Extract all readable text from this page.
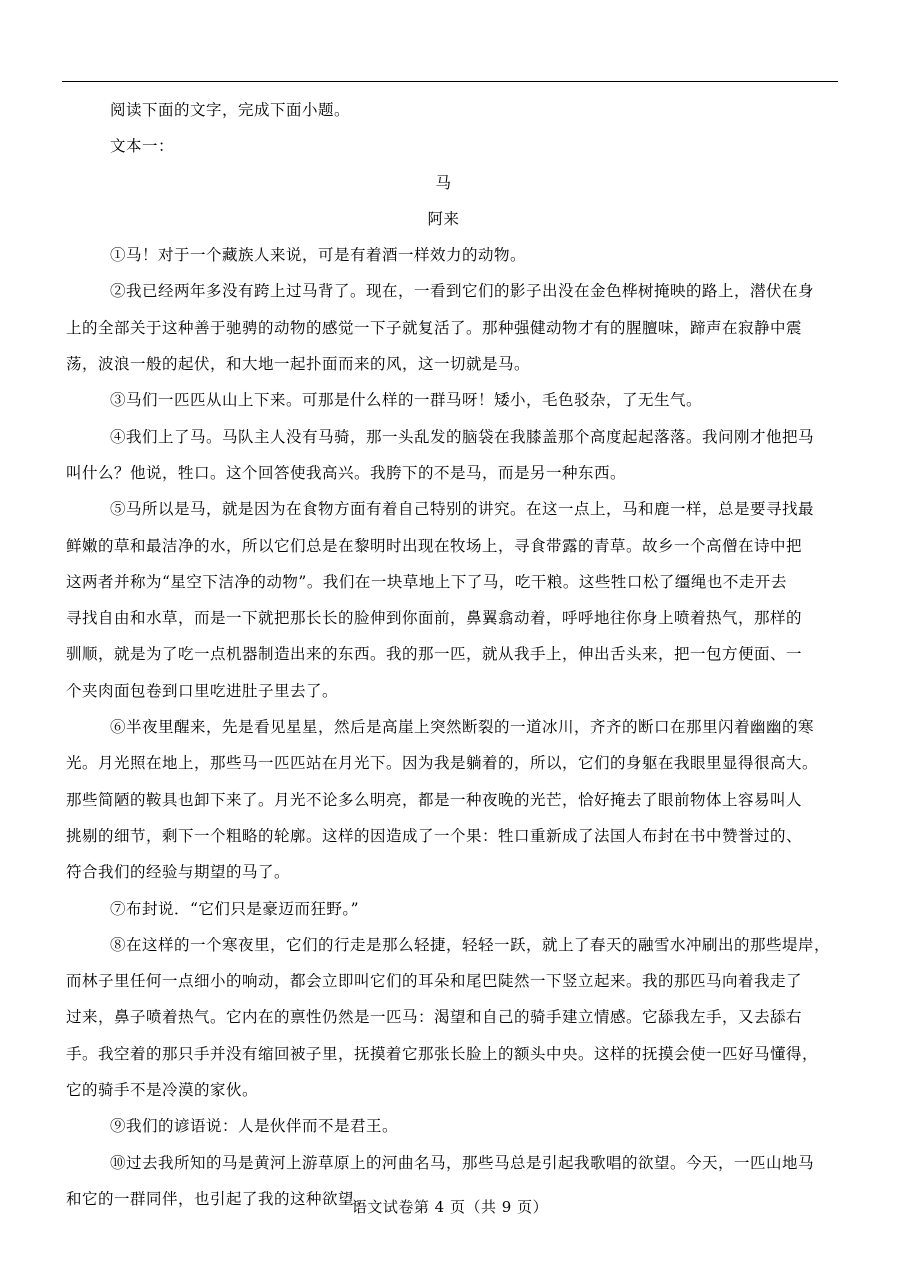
阅读下面的文字，完成下面小题。
文本一：
马
阿来
①马！对于一个藏族人来说，可是有着酒一样效力的动物。
②我已经两年多没有跨上过马背了。现在，一看到它们的影子出没在金色桦树掩映的路上，潜伏在身
上的全部关于这种善于驰骋的动物的感觉一下子就复活了。那种强健动物才有的腥膻味，蹄声在寂静中震
荡，波浪一般的起伏，和大地一起扑面而来的风，这一切就是马。
③马们一匹匹从山上下来。可那是什么样的一群马呀！矮小，毛色驳杂，了无生气。
④我们上了马。马队主人没有马骑，那一头乱发的脑袋在我膝盖那个高度起起落落。我问刚才他把马
叫什么？他说，牲口。这个回答使我高兴。我胯下的不是马，而是另一种东西。
⑤马所以是马，就是因为在食物方面有着自己特别的讲究。在这一点上，马和鹿一样，总是要寻找最
鲜嫩的草和最洁净的水，所以它们总是在黎明时出现在牧场上，寻食带露的青草。故乡一个高僧在诗中把
这两者并称为“星空下洁净的动物”。我们在一块草地上下了马，吃干粮。这些牲口松了缰绳也不走开去
寻找自由和水草，而是一下就把那长长的脸伸到你面前，鼻翼翕动着，呼呼地往你身上喷着热气，那样的
驯顺，就是为了吃一点机器制造出来的东西。我的那一匹，就从我手上，伸出舌头来，把一包方便面、一
个夹肉面包卷到口里吃进肚子里去了。
⑥半夜里醒来，先是看见星星，然后是高崖上突然断裂的一道冰川，齐齐的断口在那里闪着幽幽的寒
光。月光照在地上，那些马一匹匹站在月光下。因为我是躺着的，所以，它们的身躯在我眼里显得很高大。
那些简陋的鞍具也卸下来了。月光不论多么明亮，都是一种夜晚的光芒，恰好掩去了眼前物体上容易叫人
挑剔的细节，剩下一个粗略的轮廓。这样的因造成了一个果：牲口重新成了法国人布封在书中赞誉过的、
符合我们的经验与期望的马了。
⑦布封说．“它们只是豪迈而狂野。”
⑧在这样的一个寒夜里，它们的行走是那么轻捷，轻轻一跃，就上了春天的融雪水冲刷出的那些堤岸，
而林子里任何一点细小的响动，都会立即叫它们的耳朵和尾巴陡然一下竖立起来。我的那匹马向着我走了
过来，鼻子喷着热气。它内在的禀性仍然是一匹马：渴望和自己的骑手建立情感。它舔我左手，又去舔右
手。我空着的那只手并没有缩回被子里，抚摸着它那张长脸上的额头中央。这样的抚摸会使一匹好马懂得，
它的骑手不是冷漠的家伙。
⑨我们的谚语说：人是伙伴而不是君王。
⑩过去我所知的马是黄河上游草原上的河曲名马，那些马总是引起我歌唱的欲望。今天，一匹山地马
和它的一群同伴，也引起了我的这种欲望。
语文试卷第 4 页（共 9 页）
